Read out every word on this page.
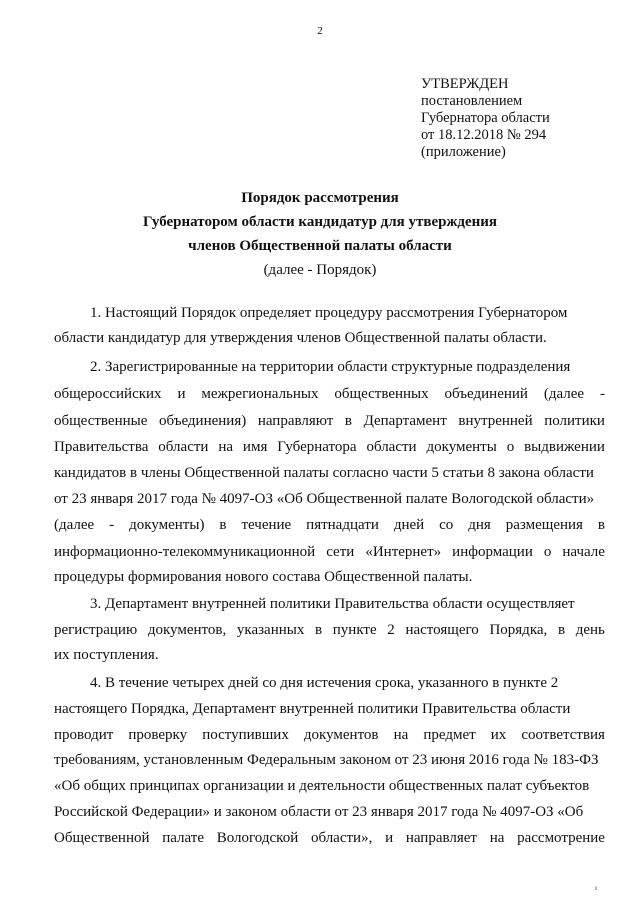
2
УТВЕРЖДЕН
постановлением
Губернатора области
от 18.12.2018 № 294
(приложение)
Порядок рассмотрения
Губернатором области кандидатур для утверждения
членов Общественной палаты области
(далее - Порядок)
1. Настоящий Порядок определяет процедуру рассмотрения Губернатором
области кандидатур для утверждения членов Общественной палаты области.
2. Зарегистрированные на территории области структурные подразделения
общероссийских и межрегиональных общественных объединений (далее -
общественные объединения) направляют в Департамент внутренней политики
Правительства области на имя Губернатора области документы о выдвижении
кандидатов в члены Общественной палаты согласно части 5 статьи 8 закона области
от 23 января 2017 года № 4097-ОЗ «Об Общественной палате Вологодской области»
(далее - документы) в течение пятнадцати дней со дня размещения в
информационно-телекоммуникационной сети «Интернет» информации о начале
процедуры формирования нового состава Общественной палаты.
3. Департамент внутренней политики Правительства области осуществляет
регистрацию документов, указанных в пункте 2 настоящего Порядка, в день
их поступления.
4. В течение четырех дней со дня истечения срока, указанного в пункте 2
настоящего Порядка, Департамент внутренней политики Правительства области
проводит проверку поступивших документов на предмет их соответствия
требованиям, установленным Федеральным законом от 23 июня 2016 года № 183-ФЗ
«Об общих принципах организации и деятельности общественных палат субъектов
Российской Федерации» и законом области от 23 января 2017 года № 4097-ОЗ «Об
Общественной палате Вологодской области», и направляет на рассмотрение
ı
